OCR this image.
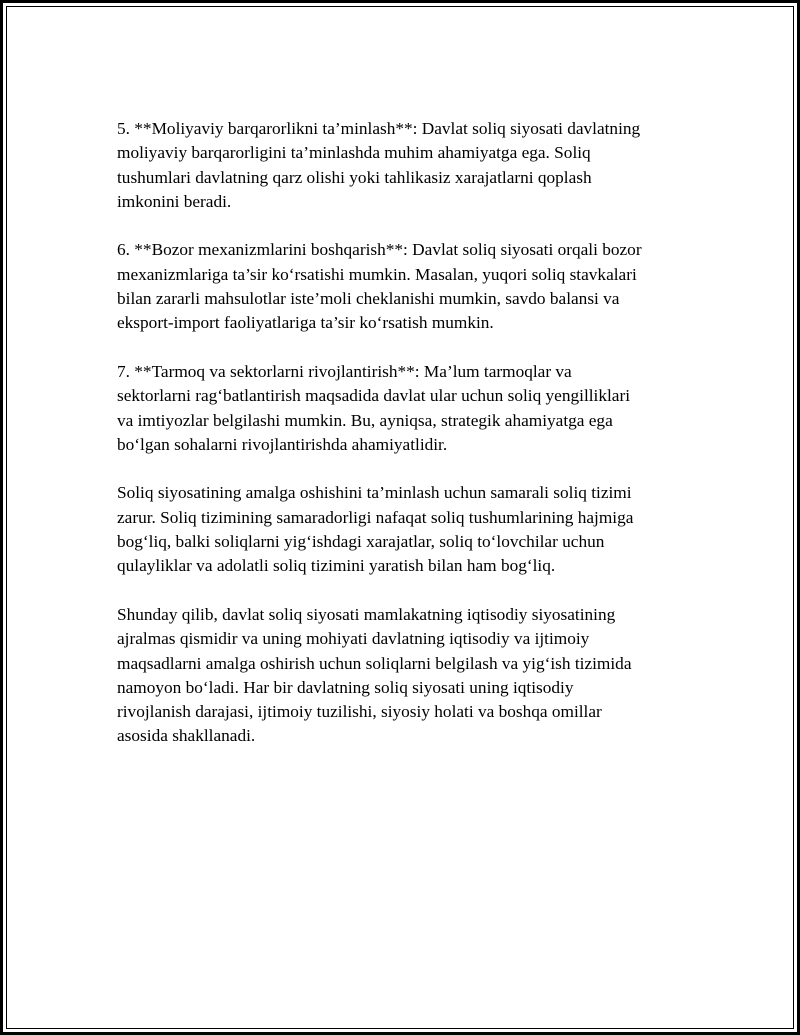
5. **Moliyaviy barqarorlikni ta’minlash**: Davlat soliq siyosati davlatning
moliyaviy barqarorligini ta’minlashda muhim ahamiyatga ega. Soliq
tushumlari davlatning qarz olishi yoki tahlikasiz xarajatlarni qoplash
imkonini beradi.

6. **Bozor mexanizmlarini boshqarish**: Davlat soliq siyosati orqali bozor
mexanizmlariga ta’sir ko‘rsatishi mumkin. Masalan, yuqori soliq stavkalari
bilan zararli mahsulotlar iste’moli cheklanishi mumkin, savdo balansi va
eksport-import faoliyatlariga ta’sir ko‘rsatish mumkin.

7. **Tarmoq va sektorlarni rivojlantirish**: Ma’lum tarmoqlar va
sektorlarni rag‘batlantirish maqsadida davlat ular uchun soliq yengilliklari
va imtiyozlar belgilashi mumkin. Bu, ayniqsa, strategik ahamiyatga ega
bo‘lgan sohalarni rivojlantirishda ahamiyatlidir.

Soliq siyosatining amalga oshishini ta’minlash uchun samarali soliq tizimi
zarur. Soliq tizimining samaradorligi nafaqat soliq tushumlarining hajmiga
bog‘liq, balki soliqlarni yig‘ishdagi xarajatlar, soliq to‘lovchilar uchun
qulayliklar va adolatli soliq tizimini yaratish bilan ham bog‘liq.

Shunday qilib, davlat soliq siyosati mamlakatning iqtisodiy siyosatining
ajralmas qismidir va uning mohiyati davlatning iqtisodiy va ijtimoiy
maqsadlarni amalga oshirish uchun soliqlarni belgilash va yig‘ish tizimida
namoyon bo‘ladi. Har bir davlatning soliq siyosati uning iqtisodiy
rivojlanish darajasi, ijtimoiy tuzilishi, siyosiy holati va boshqa omillar
asosida shakllanadi.
